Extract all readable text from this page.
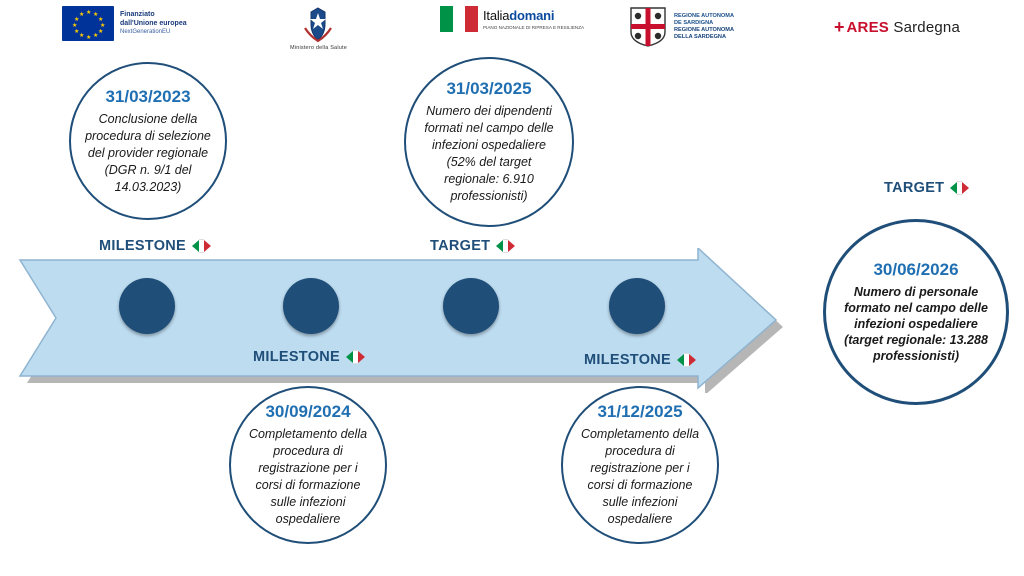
★ ★
★
★
★
★
★
★
★
★
★
★	Finanziato
dall'Unione europea
NextGenerationEU
Ministero della Salute
Italiadomani
PIANO NAZIONALE DI RIPRESA E RESILIENZA
REGIONE AUTONOMA
DE SARDIGNA
REGIONE AUTONOMA
DELLA SARDEGNA	+ ARES Sardegna
MILESTONE	TARGET
MILESTONE	MILESTONE
TARGET
31/03/2023
Conclusione della procedura di selezione del provider regionale (DGR n. 9/1 del 14.03.2023)
30/09/2024
Completamento della procedura di registrazione per i corsi di formazione sulle infezioni ospedaliere
31/03/2025
Numero dei dipendenti formati nel campo delle infezioni ospedaliere (52% del target regionale: 6.910 professionisti)
31/12/2025
Completamento della procedura di registrazione per i corsi di formazione sulle infezioni ospedaliere
30/06/2026
Numero di personale formato nel campo delle infezioni ospedaliere (target regionale: 13.288 professionisti)
